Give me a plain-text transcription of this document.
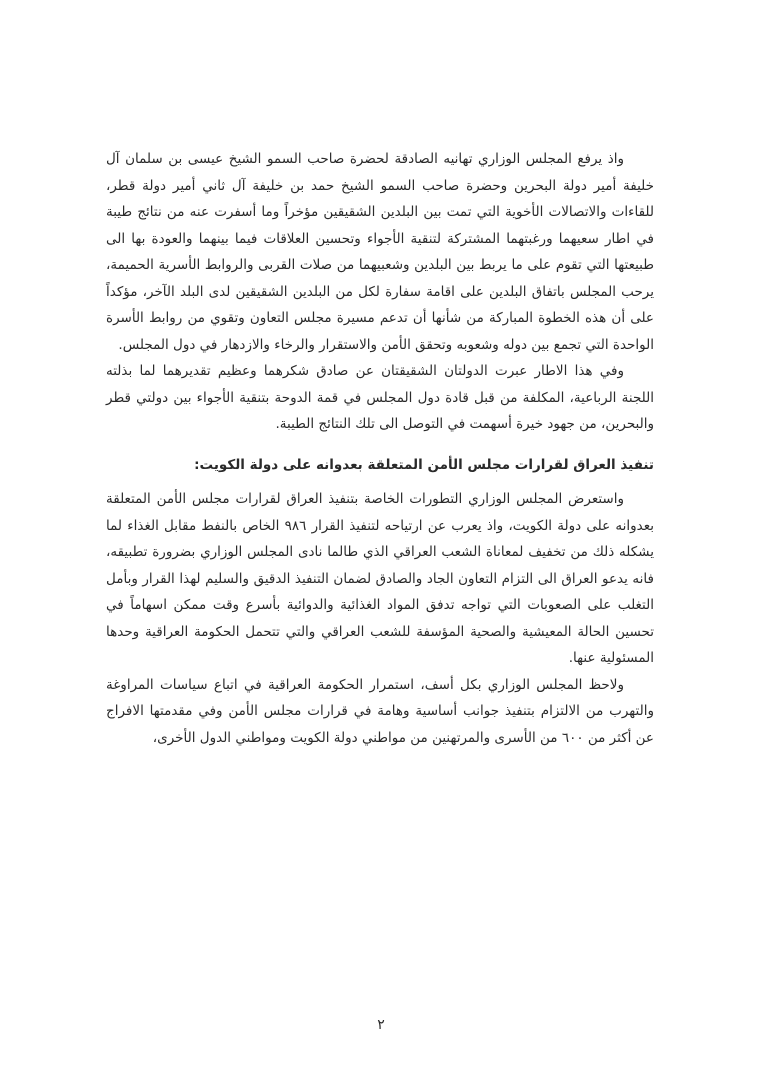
واذ يرفع المجلس الوزاري تهانيه الصادقة لحضرة صاحب السمو الشيخ عيسى بن سلمان آل خليفة أمير دولة البحرين وحضرة صاحب السمو الشيخ حمد بن خليفة آل ثاني أمير دولة قطر، للقاءات والاتصالات الأخوية التي تمت بين البلدين الشقيقين مؤخراً وما أسفرت عنه من نتائج طيبة في اطار سعيهما ورغبتهما المشتركة لتنقية الأجواء وتحسين العلاقات فيما بينهما والعودة بها الى طبيعتها التي تقوم على ما يربط بين البلدين وشعبيهما من صلات القربى والروابط الأسرية الحميمة، يرحب المجلس باتفاق البلدين على اقامة سفارة لكل من البلدين الشقيقين لدى البلد الآخر، مؤكداً على أن هذه الخطوة المباركة من شأنها أن تدعم مسيرة مجلس التعاون وتقوي من روابط الأسرة الواحدة التي تجمع بين دوله وشعوبه وتحقق الأمن والاستقرار والرخاء والازدهار في دول المجلس.

وفي هذا الاطار عبرت الدولتان الشقيقتان عن صادق شكرهما وعظيم تقديرهما لما بذلته اللجنة الرباعية، المكلفة من قبل قادة دول المجلس في قمة الدوحة بتنقية الأجواء بين دولتي قطر والبحرين، من جهود خيرة أسهمت في التوصل الى تلك النتائج الطيبة.

تنفيذ العراق لقرارات مجلس الأمن المتعلقة بعدوانه على دولة الكويت:

واستعرض المجلس الوزاري التطورات الخاصة بتنفيذ العراق لقرارات مجلس الأمن المتعلقة بعدوانه على دولة الكويت، واذ يعرب عن ارتياحه لتنفيذ القرار ٩٨٦ الخاص بالنفط مقابل الغذاء لما يشكله ذلك من تخفيف لمعاناة الشعب العراقي الذي طالما نادى المجلس الوزاري بضرورة تطبيقه، فانه يدعو العراق الى التزام التعاون الجاد والصادق لضمان التنفيذ الدقيق والسليم لهذا القرار وبأمل التغلب على الصعوبات التي تواجه تدفق المواد الغذائية والدوائية بأسرع وقت ممكن اسهاماً في تحسين الحالة المعيشية والصحية المؤسفة للشعب العراقي والتي تتحمل الحكومة العراقية وحدها المسئولية عنها.

ولاحظ المجلس الوزاري بكل أسف، استمرار الحكومة العراقية في اتباع سياسات المراوغة والتهرب من الالتزام بتنفيذ جوانب أساسية وهامة في قرارات مجلس الأمن وفي مقدمتها الافراج عن أكثر من ٦٠٠ من الأسرى والمرتهنين من مواطني دولة الكويت ومواطني الدول الأخرى،

٢
